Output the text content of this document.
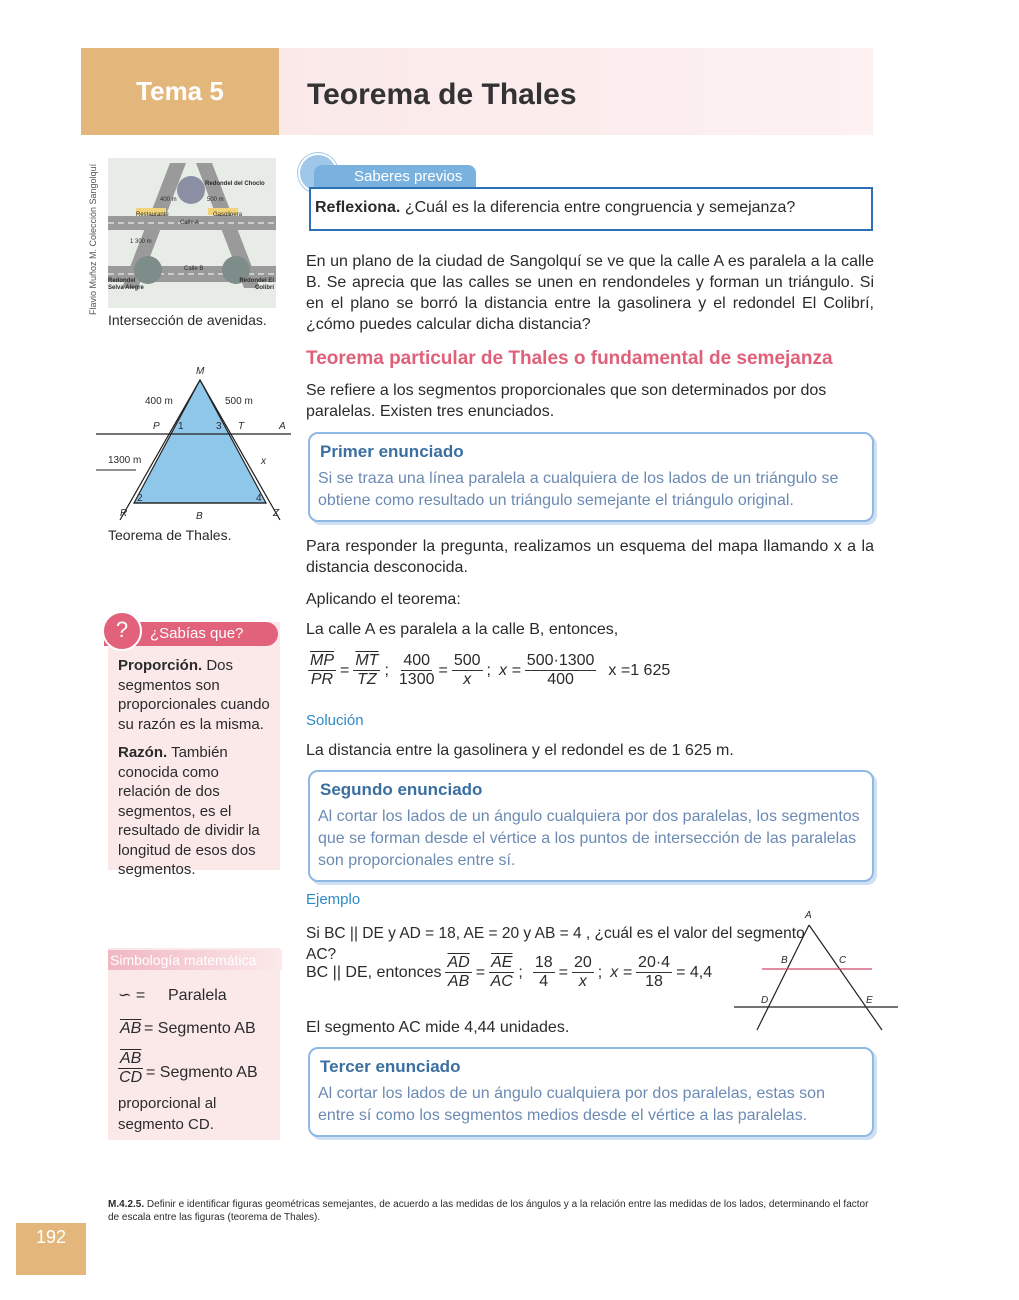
Tema 5	Teorema de Thales
Flavio Muñoz M. Colección Sangolquí	Redondel del Choclo
400 m	500 m
Restaurante	Gasolinera
Calle A
1 300 m
Calle B
Redondel Selva Alegre
Redondel El Colibrí
Intersección de avenidas.
M
400 m	500 m
P 1	3 T	A
1300 m	x
2	4
R	B	Z
Teorema de Thales.
?	¿Sabías que?
Proporción. Dos segmentos son proporcionales cuando su razón es la misma.
Razón. También conocida como relación de dos segmentos, es el resultado de dividir la longitud de esos dos segmentos.
Simbología matemática
∽ = Paralela
$\overline{AB}$ = Segmento AB
$\frac{\overline{AB}}{CD}$ = Segmento AB
proporcional al segmento CD.
Saberes previos
Reflexiona. ¿Cuál es la diferencia entre congruencia y semejanza?
En un plano de la ciudad de Sangolquí se ve que la calle A es paralela a la calle B. Se aprecia que las calles se unen en rendondeles y forman un triángulo. Si en el plano se borró la distancia entre la gasolinera y el redondel El Colibrí, ¿cómo puedes calcular dicha distancia?
Teorema particular de Thales o fundamental de semejanza
Se refiere a los segmentos proporcionales que son determinados por dos paralelas. Existen tres enunciados.
Primer enunciado
Si se traza una línea paralela a cualquiera de los lados de un triángulo se obtiene como resultado un triángulo semejante el triángulo original.
Para responder la pregunta, realizamos un esquema del mapa llamando x a la distancia desconocida.
Aplicando el teorema:
La calle A es paralela a la calle B, entonces,
$\frac{\overline{MP}}{PR} = \frac{\overline{MT}}{TZ}$ ; $\frac{400}{1300} = \frac{500}{x}$ ; $x = \frac{500\cdot 1300}{400}$ x =1 625
Solución
La distancia entre la gasolinera y el redondel es de 1 625 m.
Segundo enunciado
Al cortar los lados de un ángulo cualquiera por dos paralelas, los segmentos que se forman desde el vértice a los puntos de intersección de las paralelas son proporcionales entre sí.
Ejemplo
Si BC || DE y AD = 18, AE = 20 y AB = 4 , ¿cuál es el valor del segmento AC?
BC || DE, entonces $\frac{\overline{AD}}{AB} = \frac{\overline{AE}}{AC}$ ; $\frac{18}{4} = \frac{20}{x}$ ; $x = \frac{20\cdot 4}{18} = 4,4$
A
B	C
D	E
El segmento AC mide 4,44 unidades.
Tercer enunciado
Al cortar los lados de un ángulo cualquiera por dos paralelas, estas son entre sí como los segmentos medios desde el vértice a las paralelas.
M.4.2.5. Definir e identificar figuras geométricas semejantes, de acuerdo a las medidas de los ángulos y a la relación entre las medidas de los lados, determinando el factor de escala entre las figuras (teorema de Thales).
192
